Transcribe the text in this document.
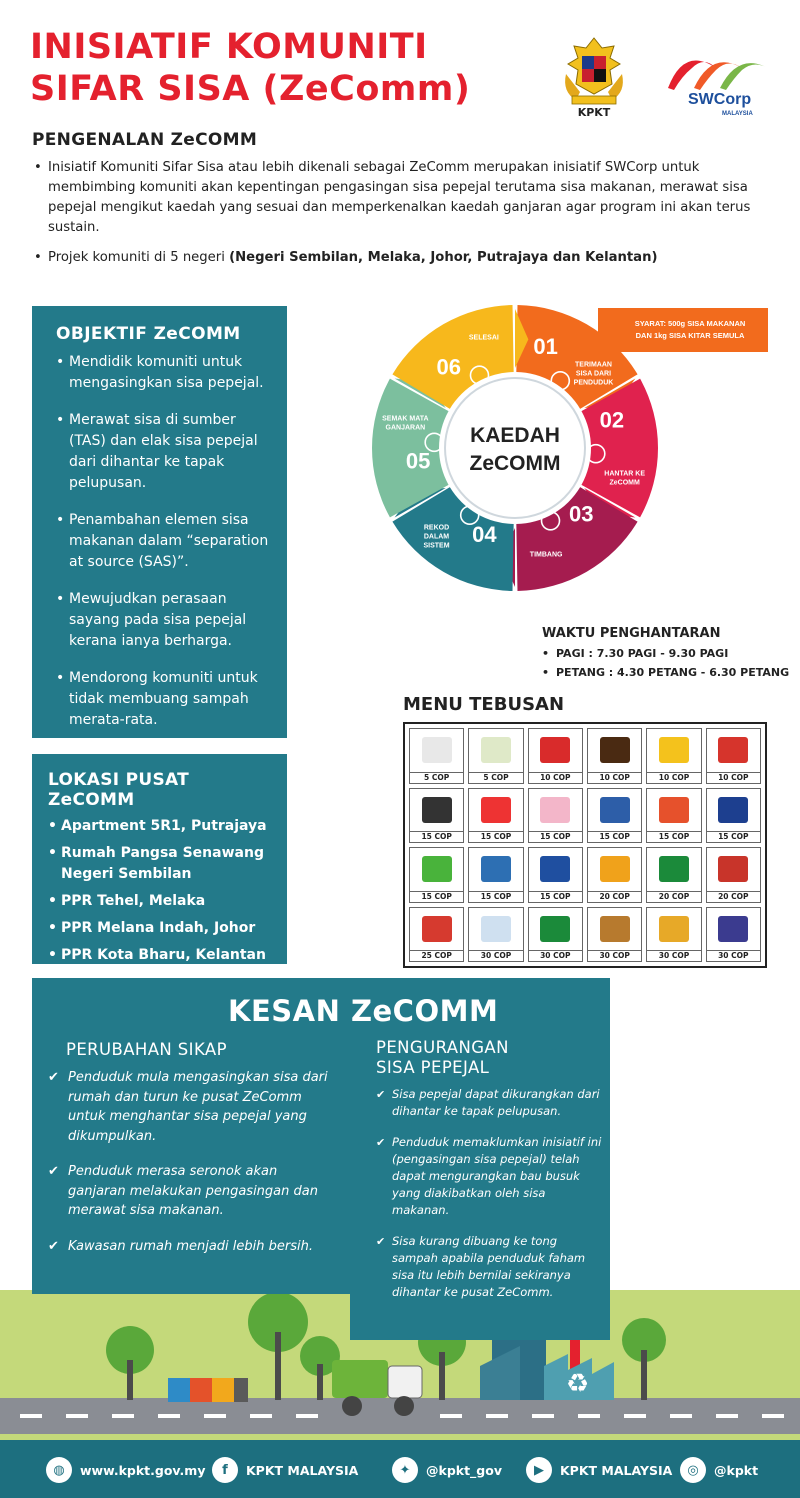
INISIATIF KOMUNITI
SIFAR SISA (ZeComm)
KPKT
SWCorp
MALAYSIA
PENGENALAN ZeCOMM
• Inisiatif Komuniti Sifar Sisa atau lebih dikenali sebagai ZeComm merupakan inisiatif SWCorp untuk membimbing komuniti akan kepentingan pengasingan sisa pepejal terutama sisa makanan, merawat sisa pepejal mengikut kaedah yang sesuai dan memperkenalkan kaedah ganjaran agar program ini akan terus sustain.
• Projek komuniti di 5 negeri (Negeri Sembilan, Melaka, Johor, Putrajaya dan Kelantan)
OBJEKTIF ZeCOMM
• Mendidik komuniti untuk mengasingkan sisa pepejal.
• Merawat sisa di sumber (TAS) dan elak sisa pepejal dari dihantar ke tapak pelupusan.
• Penambahan elemen sisa makanan dalam “separation at source (SAS)”.
• Mewujudkan perasaan sayang pada sisa pepejal kerana ianya berharga.
• Mendorong komuniti untuk tidak membuang sampah merata-rata.
LOKASI PUSAT ZeCOMM
• Apartment 5R1, Putrajaya
• Rumah Pangsa Senawang Negeri Sembilan
• PPR Tehel, Melaka
• PPR Melana Indah, Johor
• PPR Kota Bharu, Kelantan
01
TERIMAAN
SISA DARI
PENDUDUK
02
HANTAR KE
ZeCOMM
03
TIMBANG
04
REKOD
DALAM
SISTEM
05
SEMAK MATA
GANJARAN
06
SELESAI
KAEDAH
ZeCOMM
SYARAT: 500g SISA MAKANAN
DAN 1kg SISA KITAR SEMULA
WAKTU PENGHANTARAN
• PAGI : 7.30 PAGI - 9.30 PAGI
• PETANG : 4.30 PETANG - 6.30 PETANG
MENU TEBUSAN
5 COP	5 COP	10 COP	10 COP	10 COP	10 COP
15 COP	15 COP	15 COP	15 COP	15 COP	15 COP
15 COP	15 COP	15 COP	20 COP	20 COP	20 COP
25 COP	30 COP	30 COP	30 COP	30 COP	30 COP
♻
KESAN ZeCOMM
PERUBAHAN SIKAP
✔ Penduduk mula mengasingkan sisa dari rumah dan turun ke pusat ZeComm untuk menghantar sisa pepejal yang dikumpulkan.
✔ Penduduk merasa seronok akan ganjaran melakukan pengasingan dan merawat sisa makanan.
✔ Kawasan rumah menjadi lebih bersih.
PENGURANGAN
SISA PEPEJAL
✔ Sisa pepejal dapat dikurangkan dari dihantar ke tapak pelupusan.
✔ Penduduk memaklumkan inisiatif ini (pengasingan sisa pepejal) telah dapat mengurangkan bau busuk yang diakibatkan oleh sisa makanan.
✔ Sisa kurang dibuang ke tong sampah apabila penduduk faham sisa itu lebih bernilai sekiranya dihantar ke pusat ZeComm.
◍	www.kpkt.gov.my	f	KPKT MALAYSIA	✦	@kpkt_gov	▶	KPKT MALAYSIA	◎	@kpkt
